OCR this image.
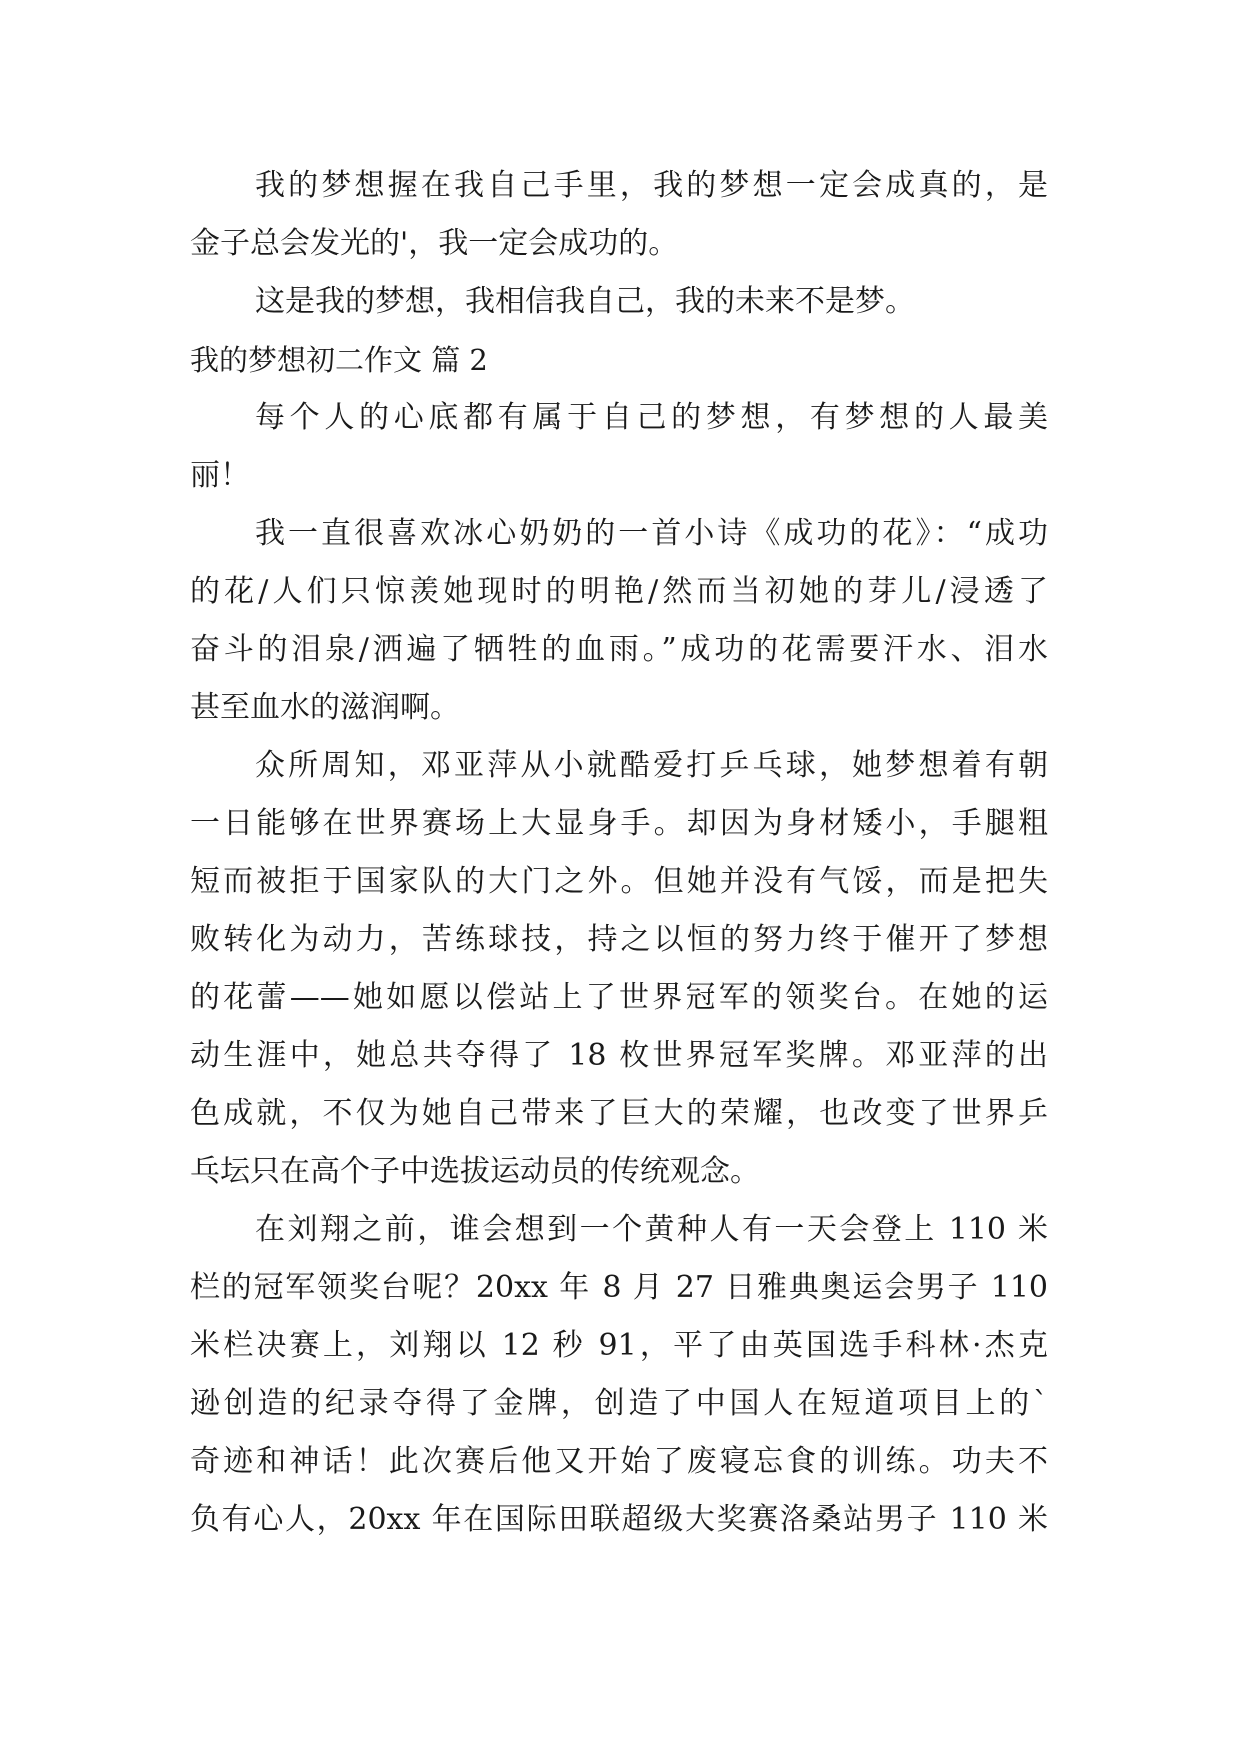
我的梦想握在我自己手里，我的梦想一定会成真的，是
金子总会发光的'，我一定会成功的。
这是我的梦想，我相信我自己，我的未来不是梦。
我的梦想初二作文 篇 2
每个人的心底都有属于自己的梦想，有梦想的人最美
丽！
我一直很喜欢冰心奶奶的一首小诗《成功的花》：“成功
的花/人们只惊羡她现时的明艳/然而当初她的芽儿/浸透了
奋斗的泪泉/洒遍了牺牲的血雨。”成功的花需要汗水、泪水
甚至血水的滋润啊。
众所周知，邓亚萍从小就酷爱打乒乓球，她梦想着有朝
一日能够在世界赛场上大显身手。却因为身材矮小，手腿粗
短而被拒于国家队的大门之外。但她并没有气馁，而是把失
败转化为动力，苦练球技，持之以恒的努力终于催开了梦想
的花蕾——她如愿以偿站上了世界冠军的领奖台。在她的运
动生涯中，她总共夺得了 18 枚世界冠军奖牌。邓亚萍的出
色成就，不仅为她自己带来了巨大的荣耀，也改变了世界乒
乓坛只在高个子中选拔运动员的传统观念。
在刘翔之前，谁会想到一个黄种人有一天会登上 110 米
栏的冠军领奖台呢？20xx 年 8 月 27 日雅典奥运会男子 110
米栏决赛上，刘翔以 12 秒 91，平了由英国选手科林·杰克
逊创造的纪录夺得了金牌，创造了中国人在短道项目上的`
奇迹和神话！此次赛后他又开始了废寝忘食的训练。功夫不
负有心人，20xx 年在国际田联超级大奖赛洛桑站男子 110 米
